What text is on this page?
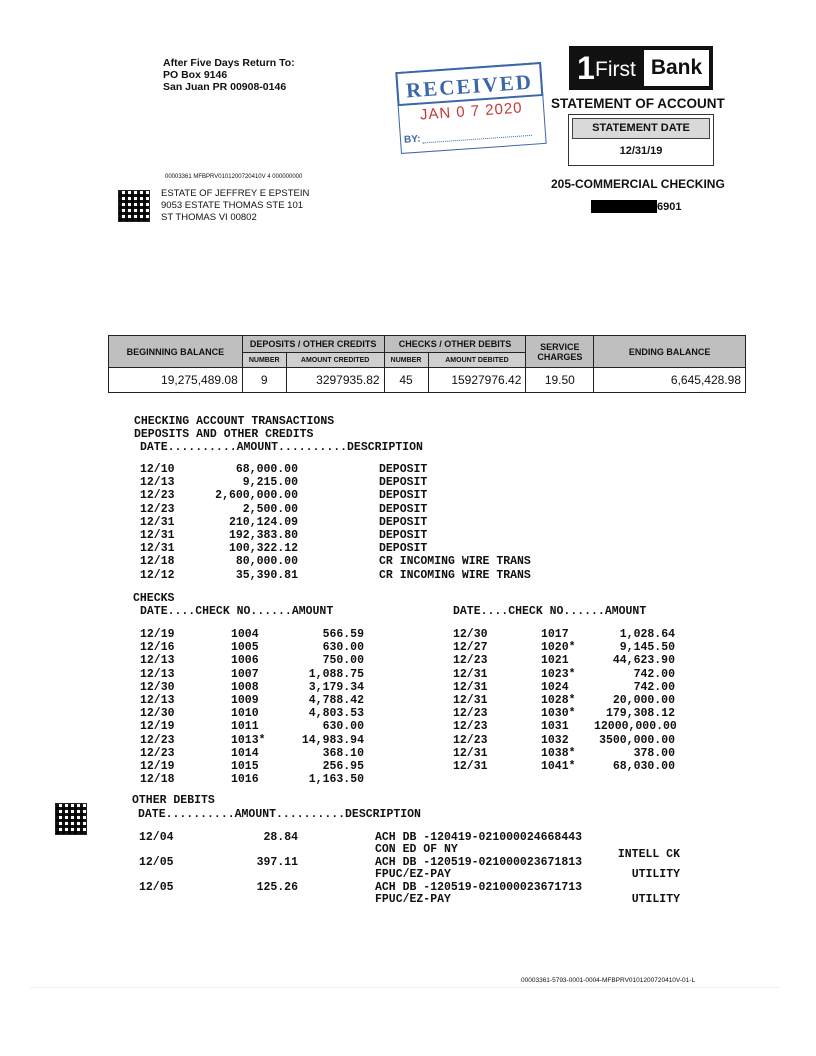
After Five Days Return To:
PO Box 9146
San Juan PR 00908-0146
00003361 MFBPRV0101200720410V 4 000000000
ESTATE OF JEFFREY E EPSTEIN
9053 ESTATE THOMAS STE 101
ST THOMAS VI 00802
RECEIVED
JAN 0 7 2020
BY:
1 First Bank
STATEMENT OF ACCOUNT
STATEMENT DATE
12/31/19
205-COMMERCIAL CHECKING
6901
BEGINNING BALANCE	DEPOSITS / OTHER CREDITS		CHECKS / OTHER DEBITS		SERVICE CHARGES	ENDING BALANCE
	NUMBER	AMOUNT CREDITED	NUMBER	AMOUNT DEBITED		
19,275,489.08	9	3297935.82	45	15927976.42	19.50	6,645,428.98
CHECKING ACCOUNT TRANSACTIONS
DEPOSITS AND OTHER CREDITS
DATE..........AMOUNT..........DESCRIPTION
12/10	68,000.00	DEPOSIT
12/13	9,215.00	DEPOSIT
12/23	2,600,000.00	DEPOSIT
12/23	2,500.00	DEPOSIT
12/31	210,124.09	DEPOSIT
12/31	192,383.80	DEPOSIT
12/31	100,322.12	DEPOSIT
12/18	80,000.00	CR INCOMING WIRE TRANS
12/12	35,390.81	CR INCOMING WIRE TRANS
CHECKS
DATE....CHECK NO......AMOUNT	DATE....CHECK NO......AMOUNT
12/19	1004	566.59
12/16	1005	630.00
12/13	1006	750.00
12/13	1007	1,088.75
12/30	1008	3,179.34
12/13	1009	4,788.42
12/30	1010	4,803.53
12/19	1011	630.00
12/23	1013*	14,983.94
12/23	1014	368.10
12/19	1015	256.95
12/18	1016	1,163.50
12/30	1017	1,028.64
12/27	1020*	9,145.50
12/23	1021	44,623.90
12/31	1023*	742.00
12/31	1024	742.00
12/31	1028*	20,000.00
12/23	1030*	179,308.12
12/23	1031 12000,000.00
12/23	1032	3500,000.00
12/31	1038*	378.00
12/31	1041*	68,030.00
OTHER DEBITS
DATE..........AMOUNT..........DESCRIPTION
12/04	28.84	ACH DB -120419-021000024668443
CON ED OF NY	INTELL CK
12/05	397.11	ACH DB -120519-021000023671813
FPUC/EZ-PAY	UTILITY
12/05	125.26	ACH DB -120519-021000023671713
FPUC/EZ-PAY	UTILITY
00003361-5793-0001-0004-MFBPRV0101200720410V-01-L
